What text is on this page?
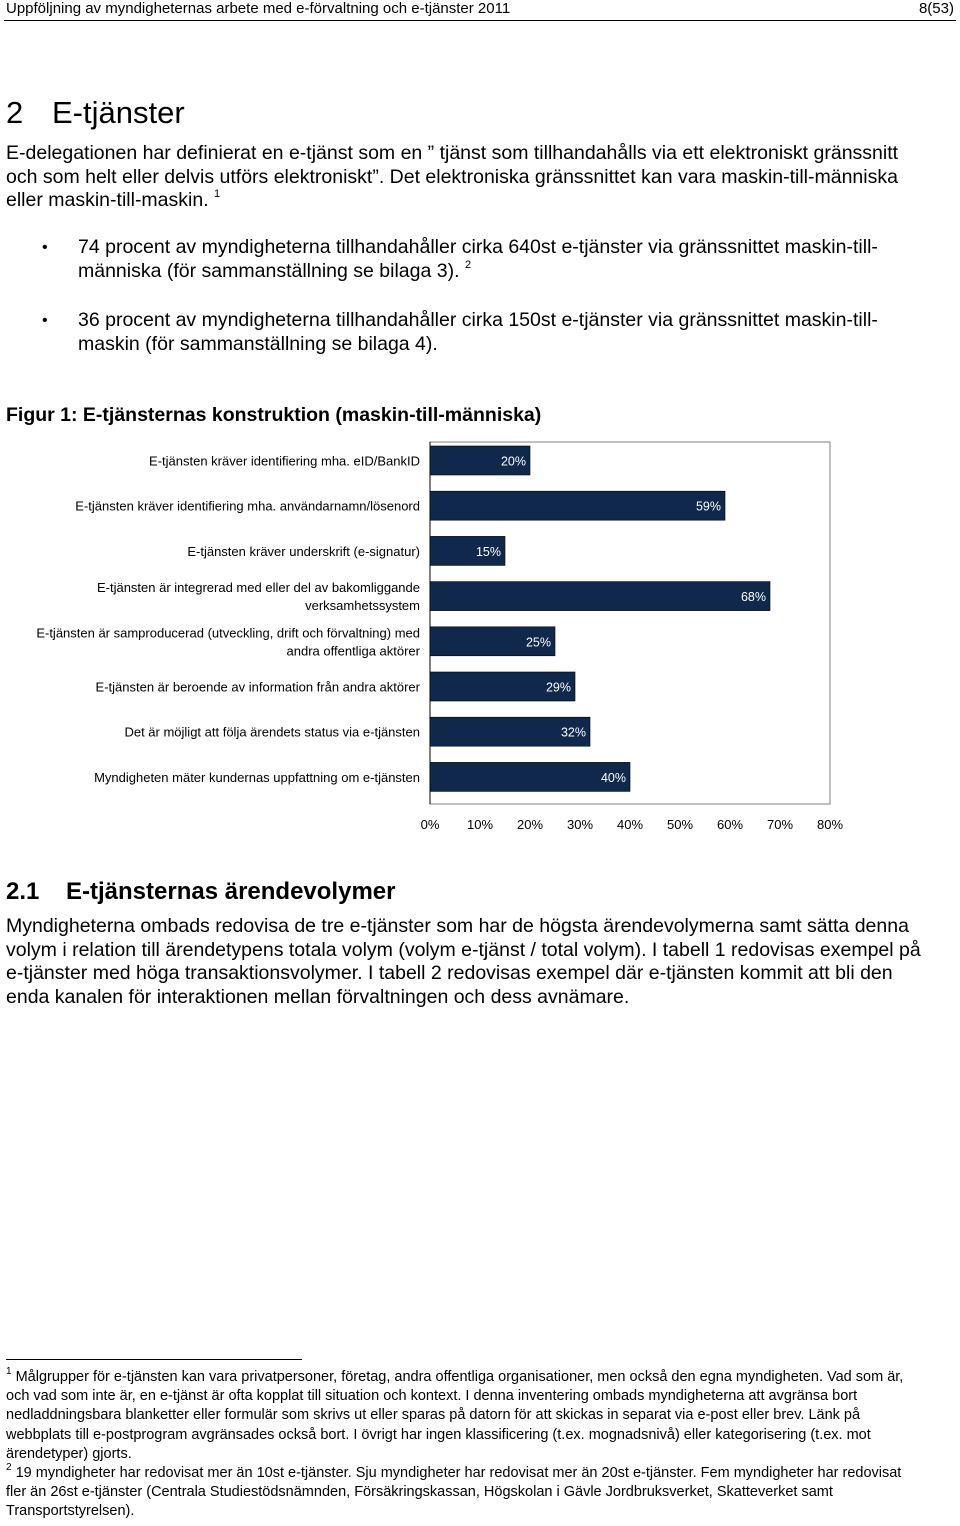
Uppföljning av myndigheternas arbete med e-förvaltning och e-tjänster 2011	8(53)
2 E-tjänster

E-delegationen har definierat en e-tjänst som en ” tjänst som tillhandahålls via ett elektroniskt gränssnitt och som helt eller delvis utförs elektroniskt”. Det elektroniska gränssnittet kan vara maskin-till-människa eller maskin-till-maskin. $^1$

• 74 procent av myndigheterna tillhandahåller cirka 640st e-tjänster via gränssnittet maskin-till-människa (för sammanställning se bilaga 3). $^2$
• 36 procent av myndigheterna tillhandahåller cirka 150st e-tjänster via gränssnittet maskin-till-maskin (för sammanställning se bilaga 4).

Figur 1: E-tjänsternas konstruktion (maskin-till-människa)

20%
E-tjänsten kräver identifiering mha. eID/BankID
59%
E-tjänsten kräver identifiering mha. användarnamn/lösenord
15%
E-tjänsten kräver underskrift (e-signatur)
68%
E-tjänsten är integrerad med eller del av bakomliggande
verksamhetssystem
25%
E-tjänsten är samproducerad (utveckling, drift och förvaltning) med
andra offentliga aktörer
29%
E-tjänsten är beroende av information från andra aktörer
32%
Det är möjligt att följa ärendets status via e-tjänsten
40%
Myndigheten mäter kundernas uppfattning om e-tjänsten
0% 10% 20% 30% 40% 50% 60% 70% 80%
2.1 E-tjänsternas ärendevolymer

Myndigheterna ombads redovisa de tre e-tjänster som har de högsta ärendevolymerna samt sätta denna volym i relation till ärendetypens totala volym (volym e-tjänst / total volym). I tabell 1 redovisas exempel på e-tjänster med höga transaktionsvolymer. I tabell 2 redovisas exempel där e-tjänsten kommit att bli den enda kanalen för interaktionen mellan förvaltningen och dess avnämare.

$^1$ Målgrupper för e-tjänsten kan vara privatpersoner, företag, andra offentliga organisationer, men också den egna myndigheten. Vad som är, och vad som inte är, en e-tjänst är ofta kopplat till situation och kontext. I denna inventering ombads myndigheterna att avgränsa bort nedladdningsbara blanketter eller formulär som skrivs ut eller sparas på datorn för att skickas in separat via e-post eller brev. Länk på webbplats till e-postprogram avgränsades också bort. I övrigt har ingen klassificering (t.ex. mognadsnivå) eller kategorisering (t.ex. mot ärendetyper) gjorts.

$^2$ 19 myndigheter har redovisat mer än 10st e-tjänster. Sju myndigheter har redovisat mer än 20st e-tjänster. Fem myndigheter har redovisat fler än 26st e-tjänster (Centrala Studiestödsnämnden, Försäkringskassan, Högskolan i Gävle Jordbruksverket, Skatteverket samt Transportstyrelsen).
